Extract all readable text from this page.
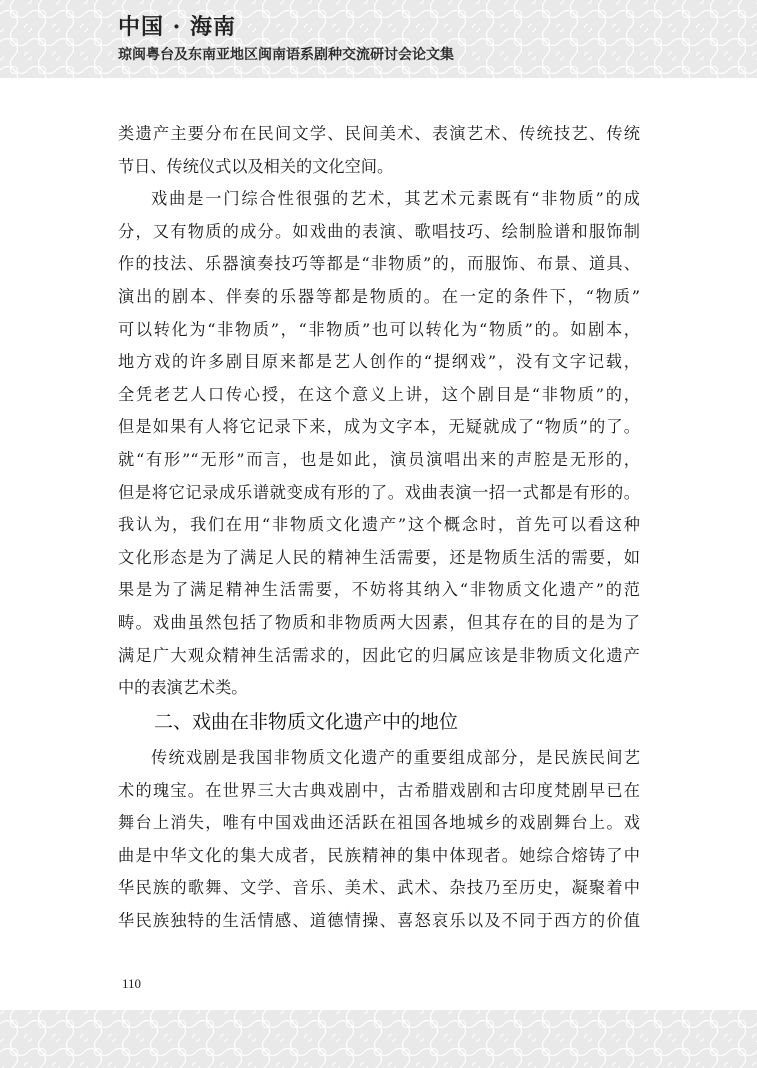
中国 · 海南
琼闽粤台及东南亚地区闽南语系剧种交流研讨会论文集
类遗产主要分布在民间文学、民间美术、表演艺术、传统技艺、传统
节日、传统仪式以及相关的文化空间。
戏曲是一门综合性很强的艺术，其艺术元素既有“非物质”的成
分，又有物质的成分。如戏曲的表演、歌唱技巧、绘制脸谱和服饰制
作的技法、乐器演奏技巧等都是“非物质”的，而服饰、布景、道具、
演出的剧本、伴奏的乐器等都是物质的。在一定的条件下，“物质”
可以转化为“非物质”，“非物质”也可以转化为“物质”的。如剧本，
地方戏的许多剧目原来都是艺人创作的“提纲戏”，没有文字记载，
全凭老艺人口传心授，在这个意义上讲，这个剧目是“非物质”的，
但是如果有人将它记录下来，成为文字本，无疑就成了“物质”的了。
就“有形”“无形”而言，也是如此，演员演唱出来的声腔是无形的，
但是将它记录成乐谱就变成有形的了。戏曲表演一招一式都是有形的。
我认为，我们在用“非物质文化遗产”这个概念时，首先可以看这种
文化形态是为了满足人民的精神生活需要，还是物质生活的需要，如
果是为了满足精神生活需要，不妨将其纳入“非物质文化遗产”的范
畴。戏曲虽然包括了物质和非物质两大因素，但其存在的目的是为了
满足广大观众精神生活需求的，因此它的归属应该是非物质文化遗产
中的表演艺术类。
二、戏曲在非物质文化遗产中的地位
传统戏剧是我国非物质文化遗产的重要组成部分，是民族民间艺
术的瑰宝。在世界三大古典戏剧中，古希腊戏剧和古印度梵剧早已在
舞台上消失，唯有中国戏曲还活跃在祖国各地城乡的戏剧舞台上。戏
曲是中华文化的集大成者，民族精神的集中体现者。她综合熔铸了中
华民族的歌舞、文学、音乐、美术、武术、杂技乃至历史，凝聚着中
华民族独特的生活情感、道德情操、喜怒哀乐以及不同于西方的价值
110
